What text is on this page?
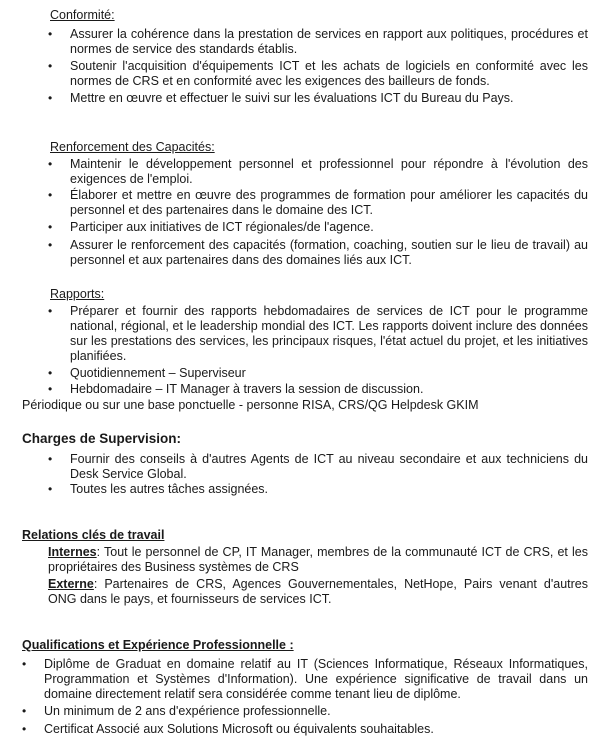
Conformité:
• Assurer la cohérence dans la prestation de services en rapport aux politiques, procédures et normes de service des standards établis.
• Soutenir l'acquisition d'équipements ICT et les achats de logiciels en conformité avec les normes de CRS et en conformité avec les exigences des bailleurs de fonds.
• Mettre en œuvre et effectuer le suivi sur les évaluations ICT du Bureau du Pays.
Renforcement des Capacités:
• Maintenir le développement personnel et professionnel pour répondre à l'évolution des exigences de l'emploi.
• Élaborer et mettre en œuvre des programmes de formation pour améliorer les capacités du personnel et des partenaires dans le domaine des ICT.
• Participer aux initiatives de ICT régionales/de l'agence.
• Assurer le renforcement des capacités (formation, coaching, soutien sur le lieu de travail) au personnel et aux partenaires dans des domaines liés aux ICT.
Rapports:
• Préparer et fournir des rapports hebdomadaires de services de ICT pour le programme national, régional, et le leadership mondial des ICT. Les rapports doivent inclure des données sur les prestations des services, les principaux risques, l'état actuel du projet, et les initiatives planifiées.
• Quotidiennement – Superviseur
• Hebdomadaire – IT Manager à travers la session de discussion.
Périodique ou sur une base ponctuelle - personne RISA, CRS/QG Helpdesk GKIM
Charges de Supervision:
• Fournir des conseils à d'autres Agents de ICT au niveau secondaire et aux techniciens du Desk Service Global.
• Toutes les autres tâches assignées.
Relations clés de travail
Internes: Tout le personnel de CP, IT Manager, membres de la communauté ICT de CRS, et les propriétaires des Business systèmes de CRS
Externe: Partenaires de CRS, Agences Gouvernementales, NetHope, Pairs venant d'autres ONG dans le pays, et fournisseurs de services ICT.
Qualifications et Expérience Professionnelle :
• Diplôme de Graduat en domaine relatif au IT (Sciences Informatique, Réseaux Informatiques, Programmation et Systèmes d'Information). Une expérience significative de travail dans un domaine directement relatif sera considérée comme tenant lieu de diplôme.
• Un minimum de 2 ans d'expérience professionnelle.
• Certificat Associé aux Solutions Microsoft ou équivalents souhaitables.
